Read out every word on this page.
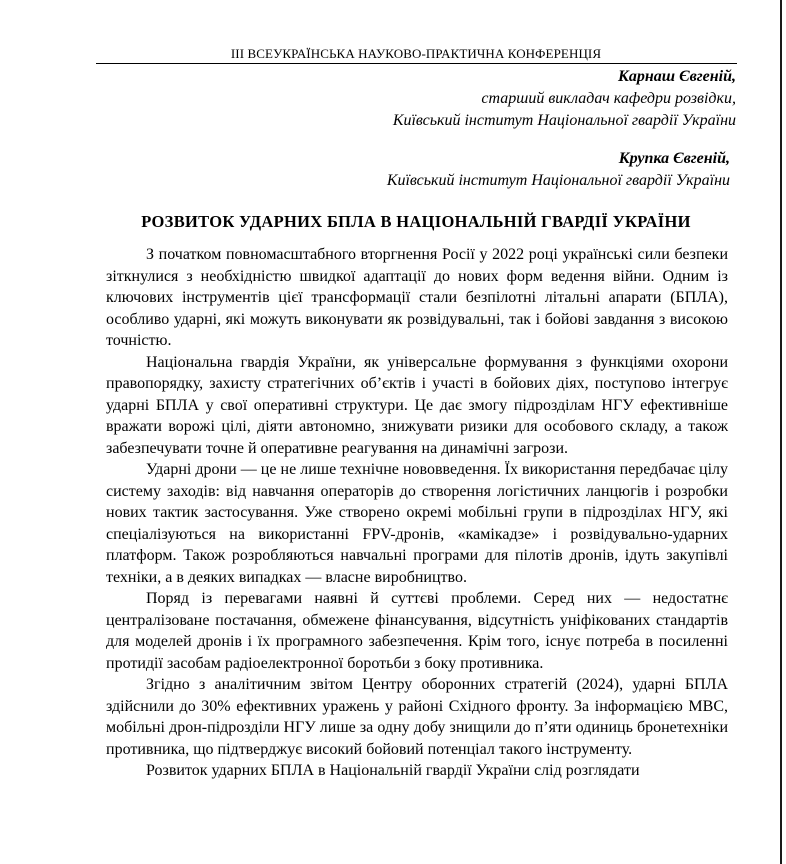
ІІІ ВСЕУКРАЇНСЬКА НАУКОВО-ПРАКТИЧНА КОНФЕРЕНЦІЯ
Карнаш Євгеній,
старший викладач кафедри розвідки,
Київський інститут Національної гвардії України
Крупка Євгеній,
Київський інститут Національної гвардії України
РОЗВИТОК УДАРНИХ БПЛА В НАЦІОНАЛЬНІЙ ГВАРДІЇ УКРАЇНИ

З початком повномасштабного вторгнення Росії у 2022 році українські сили безпеки зіткнулися з необхідністю швидкої адаптації до нових форм ведення війни. Одним із ключових інструментів цієї трансформації стали безпілотні літальні апарати (БПЛА), особливо ударні, які можуть виконувати як розвідувальні, так і бойові завдання з високою точністю.

Національна гвардія України, як універсальне формування з функціями охорони правопорядку, захисту стратегічних об’єктів і участі в бойових діях, поступово інтегрує ударні БПЛА у свої оперативні структури. Це дає змогу підрозділам НГУ ефективніше вражати ворожі цілі, діяти автономно, знижувати ризики для особового складу, а також забезпечувати точне й оперативне реагування на динамічні загрози.

Ударні дрони — це не лише технічне нововведення. Їх використання передбачає цілу систему заходів: від навчання операторів до створення логістичних ланцюгів і розробки нових тактик застосування. Уже створено окремі мобільні групи в підрозділах НГУ, які спеціалізуються на використанні FPV-дронів, «камікадзе» і розвідувально-ударних платформ. Також розробляються навчальні програми для пілотів дронів, ідуть закупівлі техніки, а в деяких випадках — власне виробництво.

Поряд із перевагами наявні й суттєві проблеми. Серед них — недостатнє централізоване постачання, обмежене фінансування, відсутність уніфікованих стандартів для моделей дронів і їх програмного забезпечення. Крім того, існує потреба в посиленні протидії засобам радіоелектронної боротьби з боку противника.

Згідно з аналітичним звітом Центру оборонних стратегій (2024), ударні БПЛА здійснили до 30% ефективних уражень у районі Східного фронту. За інформацією МВС, мобільні дрон-підрозділи НГУ лише за одну добу знищили до п’яти одиниць бронетехніки противника, що підтверджує високий бойовий потенціал такого інструменту.

Розвиток ударних БПЛА в Національній гвардії України слід розглядати
